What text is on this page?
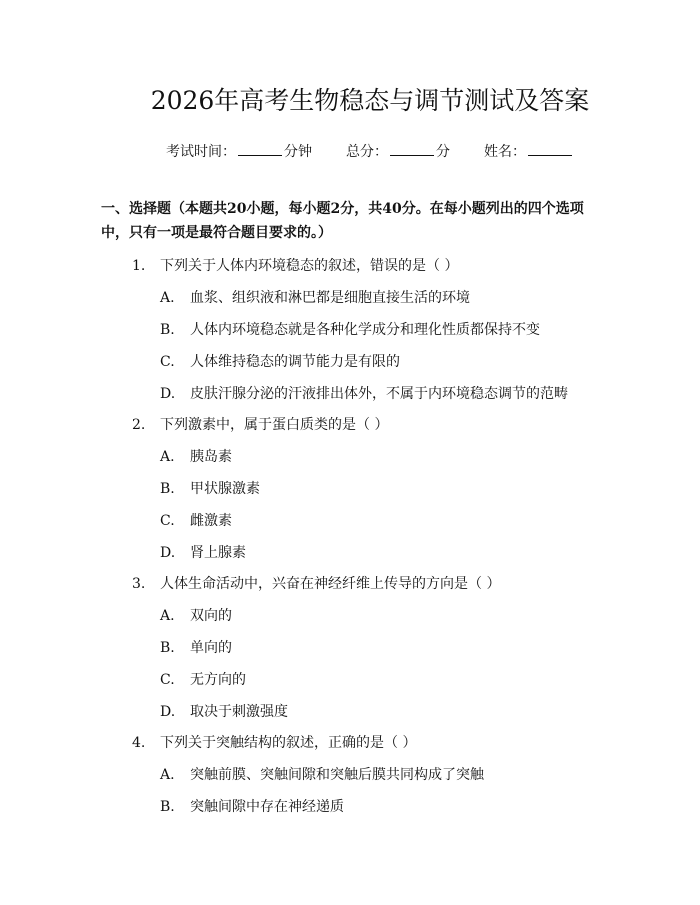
2026年高考生物稳态与调节测试及答案
考试时间：	分钟 总分：	分 姓名：
一、选择题（本题共20小题，每小题2分，共40分。在每小题列出的四个选项中，只有一项是最符合题目要求的。）
1.	下列关于人体内环境稳态的叙述，错误的是（ ）
A.	血浆、组织液和淋巴都是细胞直接生活的环境
B.	人体内环境稳态就是各种化学成分和理化性质都保持不变
C.	人体维持稳态的调节能力是有限的
D.	皮肤汗腺分泌的汗液排出体外，不属于内环境稳态调节的范畴
2.	下列激素中，属于蛋白质类的是（ ）
A.	胰岛素
B.	甲状腺激素
C.	雌激素
D.	肾上腺素
3.	人体生命活动中，兴奋在神经纤维上传导的方向是（ ）
A.	双向的
B.	单向的
C.	无方向的
D.	取决于刺激强度
4.	下列关于突触结构的叙述，正确的是（ ）
A.	突触前膜、突触间隙和突触后膜共同构成了突触
B.	突触间隙中存在神经递质
